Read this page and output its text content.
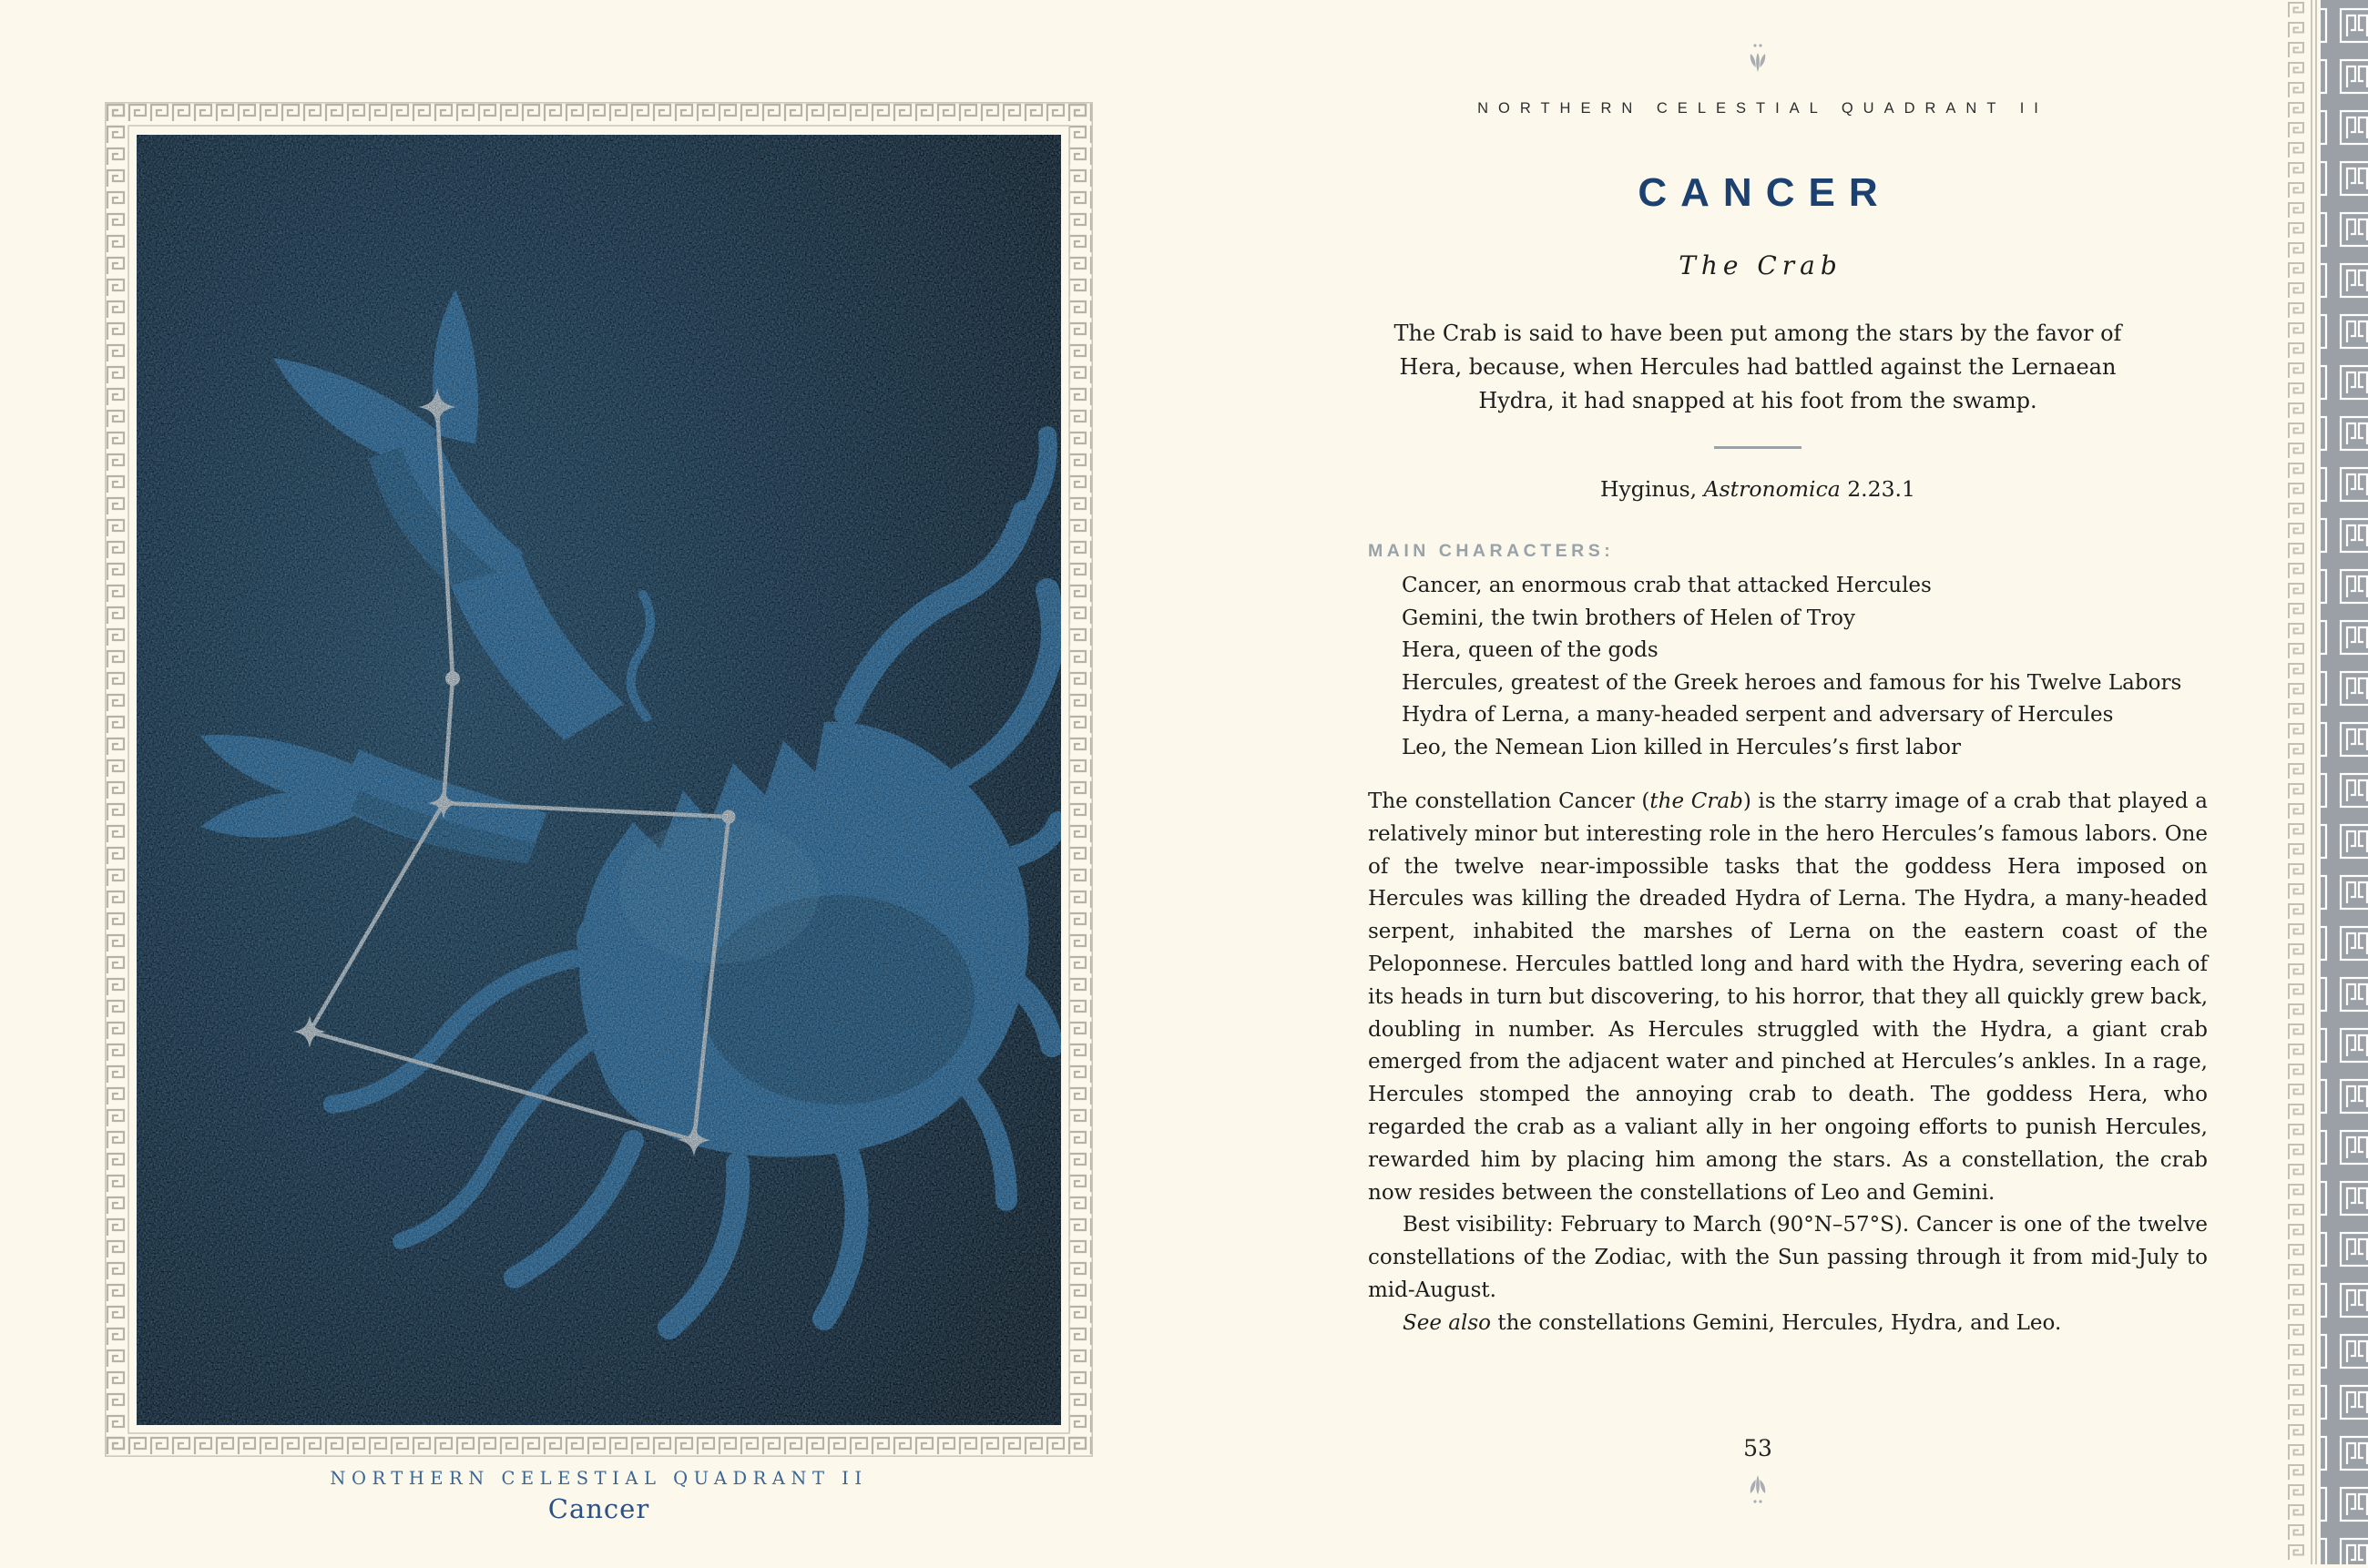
NORTHERN CELESTIAL QUADRANT II
Cancer
NORTHERN CELESTIAL QUADRANT II
CANCER
The Crab
The Crab is said to have been put among the stars by the favor of
Hera, because, when Hercules had battled against the Lernaean
Hydra, it had snapped at his foot from the swamp.
Hyginus, Astronomica 2.23.1
MAIN CHARACTERS:
Cancer, an enormous crab that attacked Hercules
Gemini, the twin brothers of Helen of Troy
Hera, queen of the gods
Hercules, greatest of the Greek heroes and famous for his Twelve Labors
Hydra of Lerna, a many-headed serpent and adversary of Hercules
Leo, the Nemean Lion killed in Hercules’s first labor

The constellation Cancer (the Crab) is the starry image of a crab that played a relatively minor but interesting role in the hero Hercules’s famous labors. One of the twelve near-impossible tasks that the goddess Hera imposed on Hercules was killing the dreaded Hydra of Lerna. The Hydra, a many-headed serpent, inhabited the marshes of Lerna on the eastern coast of the Peloponnese. Hercules battled long and hard with the Hydra, severing each of its heads in turn but discovering, to his horror, that they all quickly grew back, doubling in number. As Hercules struggled with the Hydra, a giant crab emerged from the adjacent water and pinched at Hercules’s ankles. In a rage, Hercules stomped the annoying crab to death. The goddess Hera, who regarded the crab as a valiant ally in her ongoing efforts to punish Hercules, rewarded him by placing him among the stars. As a constellation, the crab now resides between the constellations of Leo and Gemini.

Best visibility: February to March (90°N–57°S). Cancer is one of the twelve constellations of the Zodiac, with the Sun passing through it from mid-July to mid-August.

See also the constellations Gemini, Hercules, Hydra, and Leo.

53
